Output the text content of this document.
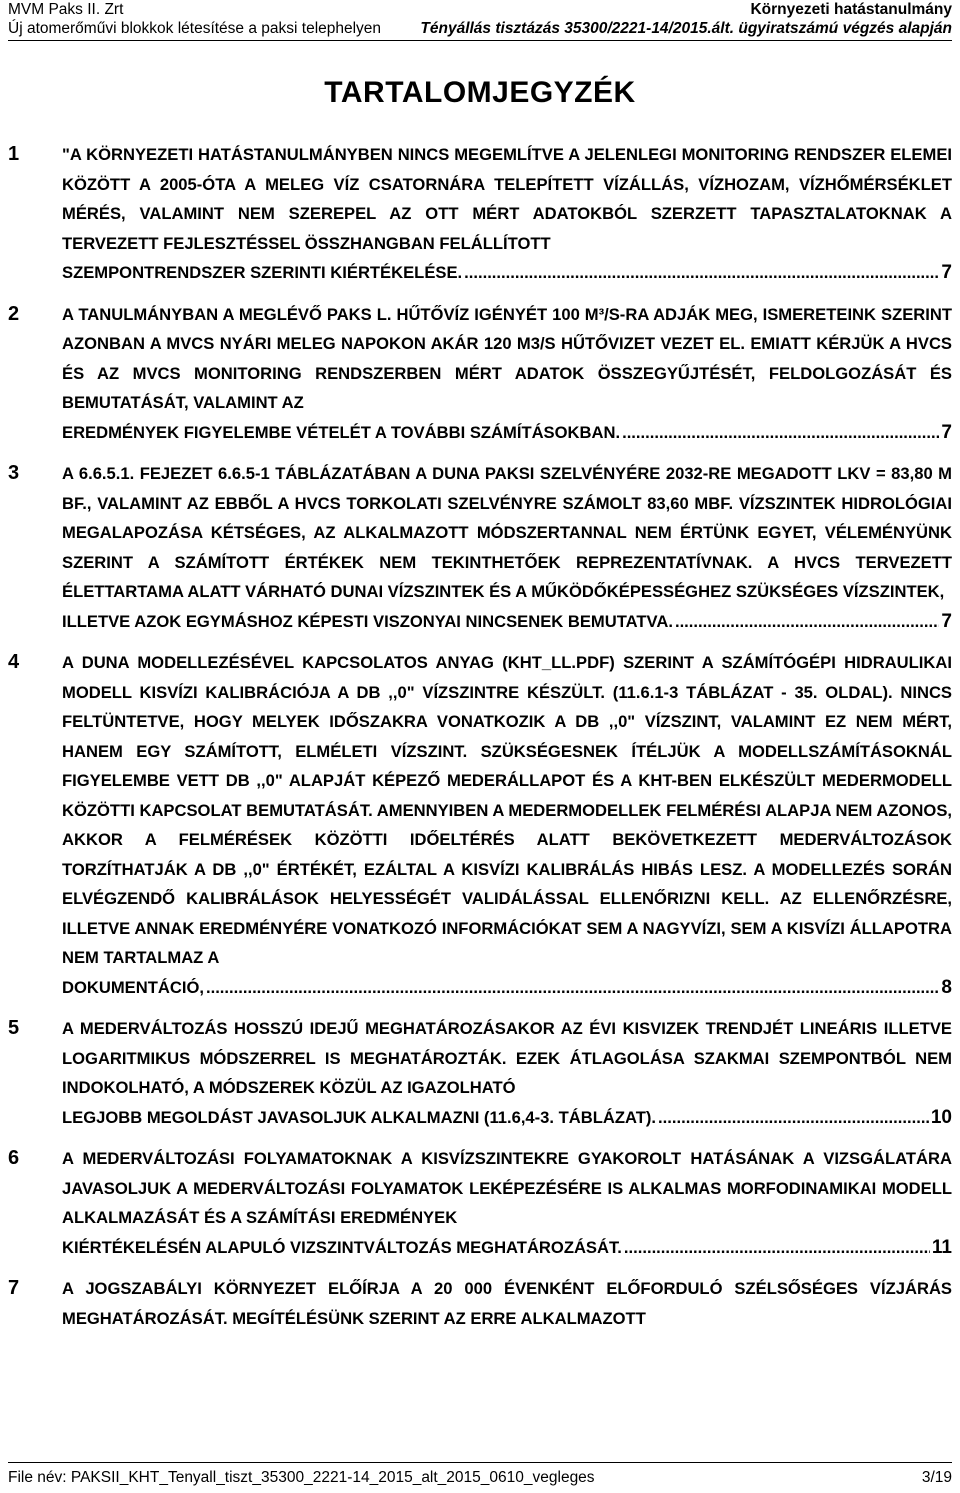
MVM Paks II. Zrt
Új atomerőművi blokkok létesítése a paksi telephelyen
Környezeti hatástanulmány
Tényállás tisztázás 35300/2221-14/2015.ált. ügyiratszámú végzés alapján
TARTALOMJEGYZÉK
1	"A KÖRNYEZETI HATÁSTANULMÁNYBEN NINCS MEGEMLÍTVE A JELENLEGI MONITORING RENDSZER ELEMEI KÖZÖTT A 2005-ÓTA A MELEG VÍZ CSATORNÁRA TELEPÍTETT VÍZÁLLÁS, VÍZHOZAM, VÍZHŐMÉRSÉKLET MÉRÉS, VALAMINT NEM SZEREPEL AZ OTT MÉRT ADATOKBÓL SZERZETT TAPASZTALATOKNAK A TERVEZETT FEJLESZTÉSSEL ÖSSZHANGBAN FELÁLLÍTOTT
SZEMPONTRENDSZER SZERINTI KIÉRTÉKELÉSE. .....	7
2	A TANULMÁNYBAN A MEGLÉVŐ PAKS L. HŰTŐVÍZ IGÉNYÉT 100 M³/S-RA ADJÁK MEG, ISMERETEINK SZERINT AZONBAN A MVCS NYÁRI MELEG NAPOKON AKÁR 120 M3/S HŰTŐVIZET VEZET EL. EMIATT KÉRJÜK A HVCS ÉS AZ MVCS MONITORING RENDSZERBEN MÉRT ADATOK ÖSSZEGYŰJTÉSÉT, FELDOLGOZÁSÁT ÉS BEMUTATÁSÁT, VALAMINT AZ
EREDMÉNYEK FIGYELEMBE VÉTELÉT A TOVÁBBI SZÁMÍTÁSOKBAN. .....	7
3	A 6.6.5.1. FEJEZET 6.6.5-1 TÁBLÁZATÁBAN A DUNA PAKSI SZELVÉNYÉRE 2032-RE MEGADOTT LKV = 83,80 M BF., VALAMINT AZ EBBŐL A HVCS TORKOLATI SZELVÉNYRE SZÁMOLT 83,60 MBF. VÍZSZINTEK HIDROLÓGIAI MEGALAPOZÁSA KÉTSÉGES, AZ ALKALMAZOTT MÓDSZERTANNAL NEM ÉRTÜNK EGYET, VÉLEMÉNYÜNK SZERINT A SZÁMÍTOTT ÉRTÉKEK NEM TEKINTHETŐEK REPREZENTATÍVNAK. A HVCS TERVEZETT ÉLETTARTAMA ALATT VÁRHATÓ DUNAI VÍZSZINTEK ÉS A MŰKÖDŐKÉPESSÉGHEZ SZÜKSÉGES VÍZSZINTEK,
ILLETVE AZOK EGYMÁSHOZ KÉPESTI VISZONYAI NINCSENEK BEMUTATVA. .....	7
4	A DUNA MODELLEZÉSÉVEL KAPCSOLATOS ANYAG (KHT_LL.PDF) SZERINT A SZÁMÍTÓGÉPI HIDRAULIKAI MODELL KISVÍZI KALIBRÁCIÓJA A DB ,,0" VÍZSZINTRE KÉSZÜLT. (11.6.1-3 TÁBLÁZAT - 35. OLDAL). NINCS FELTÜNTETVE, HOGY MELYEK IDŐSZAKRA VONATKOZIK A DB ,,0" VÍZSZINT, VALAMINT EZ NEM MÉRT, HANEM EGY SZÁMÍTOTT, ELMÉLETI VÍZSZINT. SZÜKSÉGESNEK ÍTÉLJÜK A MODELLSZÁMÍTÁSOKNÁL FIGYELEMBE VETT DB ,,0" ALAPJÁT KÉPEZŐ MEDERÁLLAPOT ÉS A KHT-BEN ELKÉSZÜLT MEDERMODELL KÖZÖTTI KAPCSOLAT BEMUTATÁSÁT. AMENNYIBEN A MEDERMODELLEK FELMÉRÉSI ALAPJA NEM AZONOS, AKKOR A FELMÉRÉSEK KÖZÖTTI IDŐELTÉRÉS ALATT BEKÖVETKEZETT MEDERVÁLTOZÁSOK TORZÍTHATJÁK A DB ,,0" ÉRTÉKÉT, EZÁLTAL A KISVÍZI KALIBRÁLÁS HIBÁS LESZ. A MODELLEZÉS SORÁN ELVÉGZENDŐ KALIBRÁLÁSOK HELYESSÉGÉT VALIDÁLÁSSAL ELLENŐRIZNI KELL. AZ ELLENŐRZÉSRE, ILLETVE ANNAK EREDMÉNYÉRE VONATKOZÓ INFORMÁCIÓKAT SEM A NAGYVÍZI, SEM A KISVÍZI ÁLLAPOTRA NEM TARTALMAZ A
DOKUMENTÁCIÓ, .....	8
5	A MEDERVÁLTOZÁS HOSSZÚ IDEJŰ MEGHATÁROZÁSAKOR AZ ÉVI KISVIZEK TRENDJÉT LINEÁRIS ILLETVE LOGARITMIKUS MÓDSZERREL IS MEGHATÁROZTÁK. EZEK ÁTLAGOLÁSA SZAKMAI SZEMPONTBÓL NEM INDOKOLHATÓ, A MÓDSZEREK KÖZÜL AZ IGAZOLHATÓ
LEGJOBB MEGOLDÁST JAVASOLJUK ALKALMAZNI (11.6,4-3. TÁBLÁZAT). .....	10
6	A MEDERVÁLTOZÁSI FOLYAMATOKNAK A KISVÍZSZINTEKRE GYAKOROLT HATÁSÁNAK A VIZSGÁLATÁRA JAVASOLJUK A MEDERVÁLTOZÁSI FOLYAMATOK LEKÉPEZÉSÉRE IS ALKALMAS MORFODINAMIKAI MODELL ALKALMAZÁSÁT ÉS A SZÁMÍTÁSI EREDMÉNYEK
KIÉRTÉKELÉSÉN ALAPULÓ VIZSZINTVÁLTOZÁS MEGHATÁROZÁSÁT. .....	11
7	A JOGSZABÁLYI KÖRNYEZET ELŐÍRJA A 20 000 ÉVENKÉNT ELŐFORDULÓ SZÉLSŐSÉGES VÍZJÁRÁS MEGHATÁROZÁSÁT. MEGÍTÉLÉSÜNK SZERINT AZ ERRE ALKALMAZOTT
File név: PAKSII_KHT_Tenyall_tiszt_35300_2221-14_2015_alt_2015_0610_vegleges	3/19
